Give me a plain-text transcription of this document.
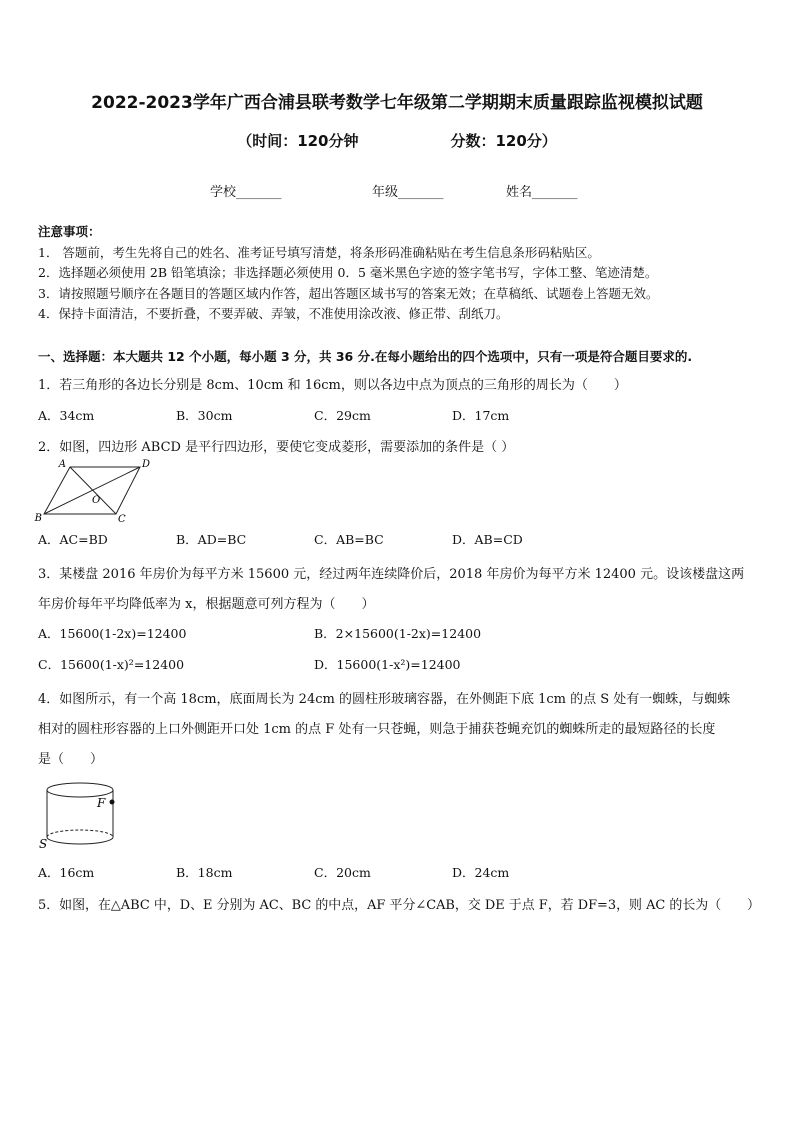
2022-2023学年广西合浦县联考数学七年级第二学期期末质量跟踪监视模拟试题
（时间：120分钟	分数：120分）
学校_______	年级_______	姓名_______
注意事项：
1． 答题前，考生先将自己的姓名、准考证号填写清楚，将条形码准确粘贴在考生信息条形码粘贴区。
2．选择题必须使用 2B 铅笔填涂；非选择题必须使用 0．5 毫米黑色字迹的签字笔书写，字体工整、笔迹清楚。
3．请按照题号顺序在各题目的答题区域内作答，超出答题区域书写的答案无效；在草稿纸、试题卷上答题无效。
4．保持卡面清洁，不要折叠，不要弄破、弄皱，不准使用涂改液、修正带、刮纸刀。
一、选择题：本大题共 12 个小题，每小题 3 分，共 36 分.在每小题给出的四个选项中，只有一项是符合题目要求的.
1．若三角形的各边长分别是 8cm、10cm 和 16cm，则以各边中点为顶点的三角形的周长为（　　）
A．34cm	B．30cm	C．29cm	D．17cm
2．如图，四边形 ABCD 是平行四边形，要使它变成菱形，需要添加的条件是（ ）
A	D
O
B	C
A．AC=BD	B．AD=BC	C．AB=BC	D．AB=CD
3．某楼盘 2016 年房价为每平方米 15600 元，经过两年连续降价后，2018 年房价为每平方米 12400 元。设该楼盘这两
年房价每年平均降低率为 x，根据题意可列方程为（　　）
A．15600(1-2x)=12400	B．2×15600(1-2x)=12400
C．15600(1-x)²=12400	D．15600(1-x²)=12400
4．如图所示，有一个高 18cm，底面周长为 24cm 的圆柱形玻璃容器，在外侧距下底 1cm 的点 S 处有一蜘蛛，与蜘蛛
相对的圆柱形容器的上口外侧距开口处 1cm 的点 F 处有一只苍蝇，则急于捕获苍蝇充饥的蜘蛛所走的最短路径的长度
是（　　）
F
S
A．16cm	B．18cm	C．20cm	D．24cm
5．如图，在△ABC 中，D、E 分别为 AC、BC 的中点，AF 平分∠CAB，交 DE 于点 F，若 DF=3，则 AC 的长为（　　）
